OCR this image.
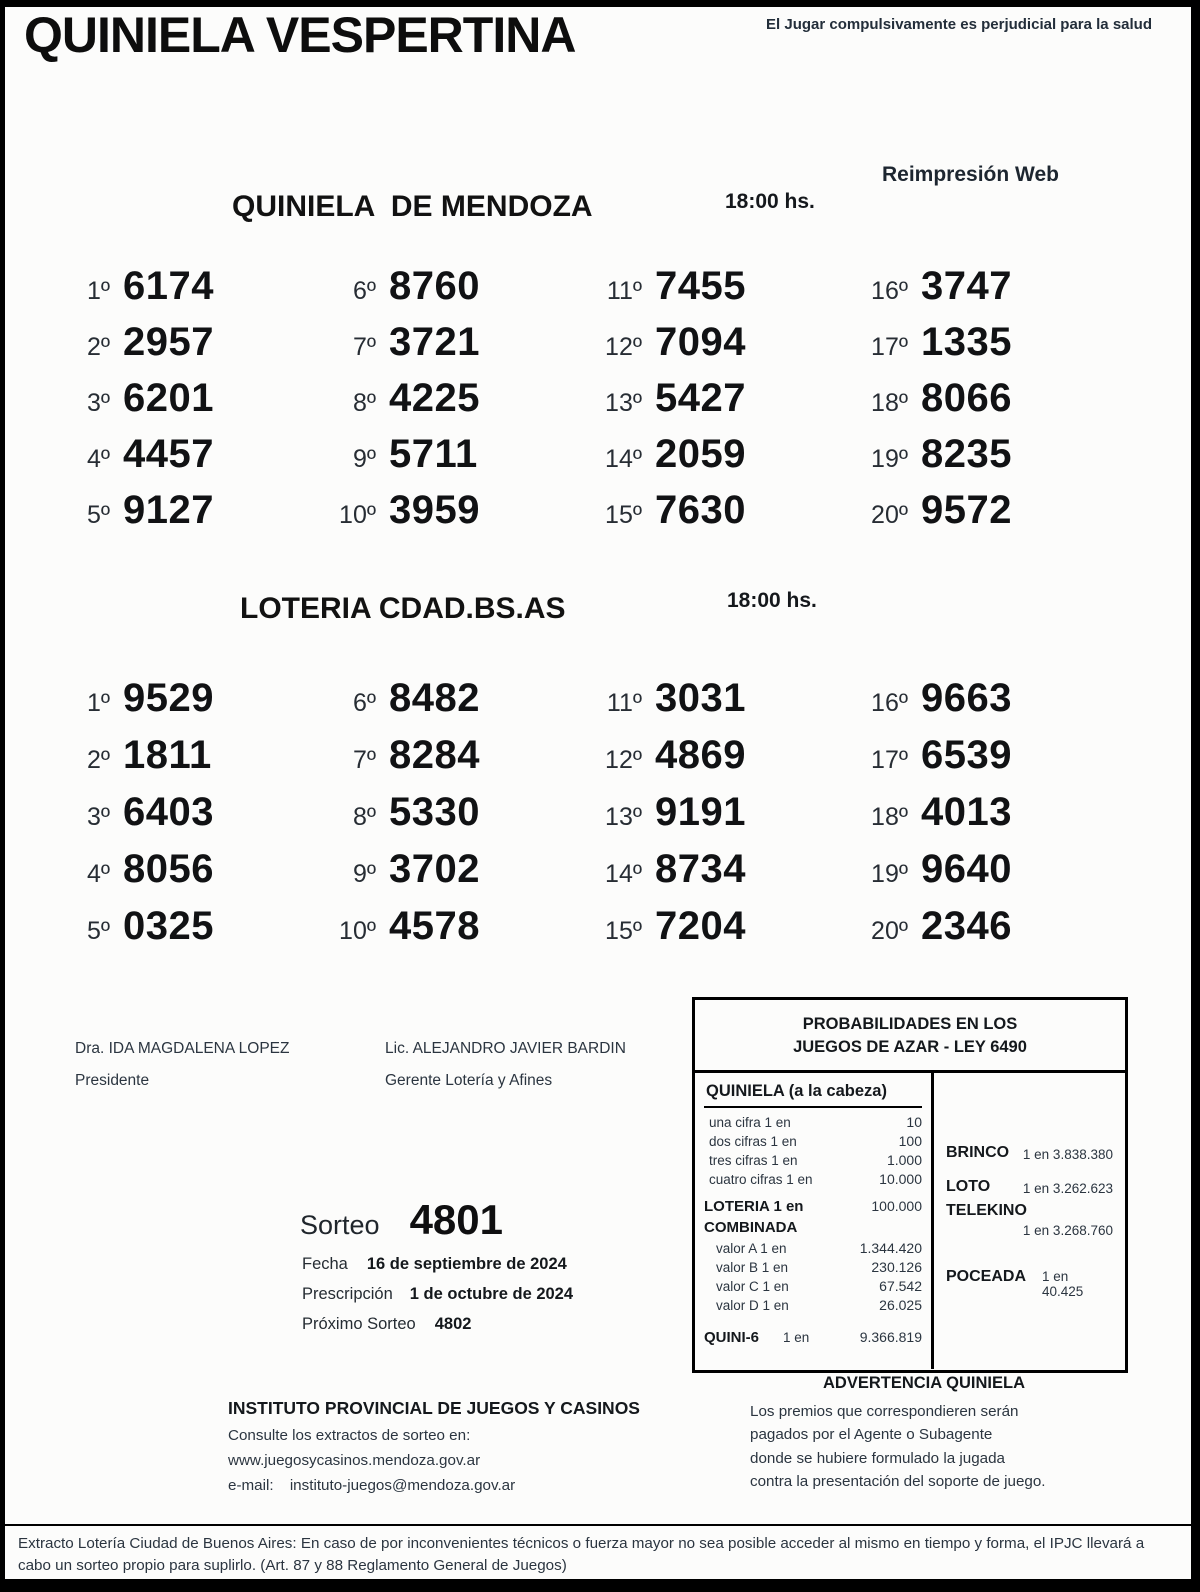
QUINIELA VESPERTINA	El Jugar compulsivamente es perjudicial para la salud
Reimpresión Web
QUINIELA  DE MENDOZA	18:00 hs.
1º 6174
2º 2957
3º 6201
4º 4457
5º 9127
6º 8760
7º 3721
8º 4225
9º 5711
10º 3959
11º 7455
12º 7094
13º 5427
14º 2059
15º 7630
16º 3747
17º 1335
18º 8066
19º 8235
20º 9572
LOTERIA CDAD.BS.AS	18:00 hs.
1º 9529
2º 1811
3º 6403
4º 8056
5º 0325
6º 8482
7º 8284
8º 5330
9º 3702
10º 4578
11º 3031
12º 4869
13º 9191
14º 8734
15º 7204
16º 9663
17º 6539
18º 4013
19º 9640
20º 2346
Dra. IDA MAGDALENA LOPEZ
Presidente
Lic. ALEJANDRO JAVIER BARDIN
Gerente Lotería y Afines
Sorteo 4801
Fecha 16 de septiembre de 2024
Prescripción 1 de octubre de 2024
Próximo Sorteo 4802
PROBABILIDADES EN LOS
JUEGOS DE AZAR - LEY 6490
QUINIELA (a la cabeza)
una cifra 1 en	10
dos cifras 1 en	100
tres cifras 1 en	1.000
cuatro cifras 1 en	10.000
LOTERIA 1 en	100.000
COMBINADA
valor A 1 en	1.344.420
valor B 1 en	230.126
valor C 1 en	67.542
valor D 1 en	26.025
QUINI-6 1 en	9.366.819
BRINCO 1 en 3.838.380
LOTO 1 en 3.262.623
TELEKINO
1 en 3.268.760
POCEADA 1 en 40.425
ADVERTENCIA QUINIELA
Los premios que correspondieren serán
pagados por el Agente o Subagente
donde se hubiere formulado la jugada
contra la presentación del soporte de juego.
INSTITUTO PROVINCIAL DE JUEGOS Y CASINOS
Consulte los extractos de sorteo en:
www.juegosycasinos.mendoza.gov.ar
e-mail: instituto-juegos@mendoza.gov.ar
Extracto Lotería Ciudad de Buenos Aires: En caso de por inconvenientes técnicos o fuerza mayor no sea posible acceder al mismo en tiempo y forma, el IPJC llevará a cabo un sorteo propio para suplirlo. (Art. 87 y 88 Reglamento General de Juegos)
